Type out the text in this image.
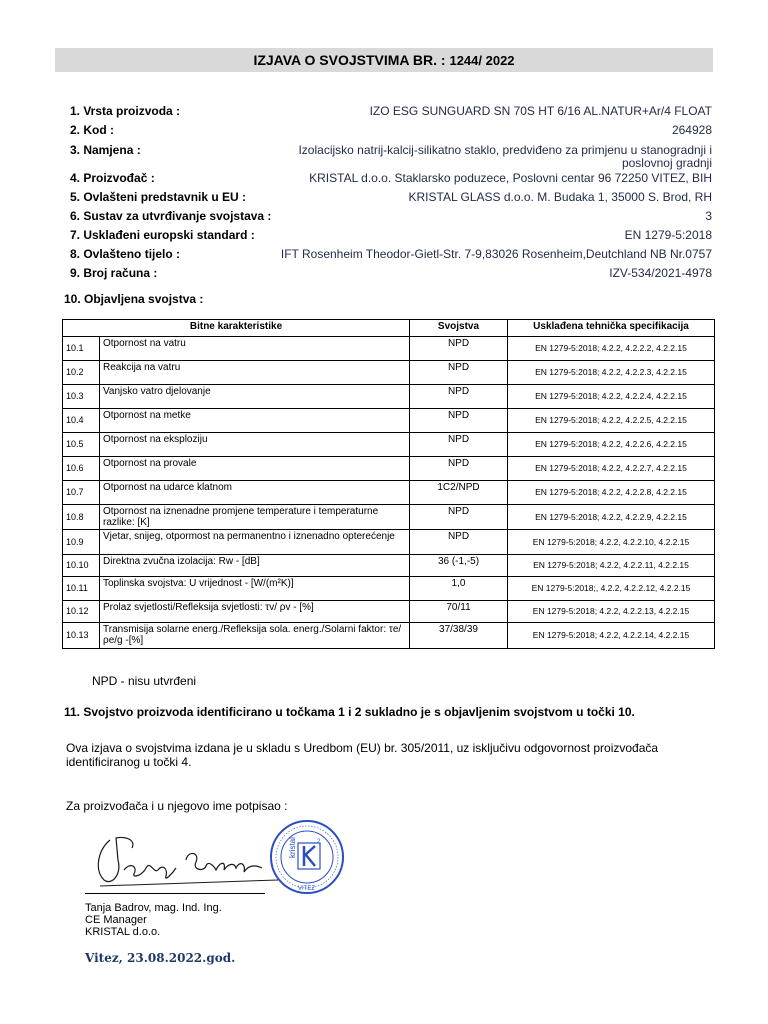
IZJAVA O SVOJSTVIMA BR. : 1244/ 2022
1. Vrsta proizvoda :	IZO ESG SUNGUARD SN 70S HT 6/16 AL.NATUR+Ar/4 FLOAT
2. Kod :	264928
3. Namjena :	Izolacijsko natrij-kalcij-silikatno staklo, predviđeno za primjenu u stanogradnji i
poslovnoj gradnji
4. Proizvođač :	KRISTAL d.o.o. Staklarsko poduzece, Poslovni centar 96 72250 VITEZ, BIH
5. Ovlašteni predstavnik u EU :	KRISTAL GLASS d.o.o. M. Budaka 1, 35000 S. Brod, RH
6. Sustav za utvrđivanje svojstava :	3
7. Usklađeni europski standard :	EN 1279-5:2018
8. Ovlašteno tijelo :	IFT Rosenheim Theodor-Gietl-Str. 7-9,83026 Rosenheim,Deutchland NB Nr.0757
9. Broj računa :	IZV-534/2021-4978
10. Objavljena svojstva :
Bitne karakteristike		Svojstva	Usklađena tehnička specifikacija
10.1	Otpornost na vatru	NPD	EN 1279-5:2018; 4.2.2, 4.2.2.2, 4.2.2.15
10.2	Reakcija na vatru	NPD	EN 1279-5:2018; 4.2.2, 4.2.2.3, 4.2.2.15
10.3	Vanjsko vatro djelovanje	NPD	EN 1279-5:2018; 4.2.2, 4.2.2.4, 4.2.2.15
10.4	Otpornost na metke	NPD	EN 1279-5:2018; 4.2.2, 4.2.2.5, 4.2.2.15
10.5	Otpornost na eksploziju	NPD	EN 1279-5:2018; 4.2.2, 4.2.2.6, 4.2.2.15
10.6	Otpornost na provale	NPD	EN 1279-5:2018; 4.2.2, 4.2.2.7, 4.2.2.15
10.7	Otpornost na udarce klatnom	1C2/NPD	EN 1279-5:2018; 4.2.2, 4.2.2.8, 4.2.2.15
10.8	Otpornost na iznenadne promjene temperature i temperaturne razlike: [K]	NPD	EN 1279-5:2018; 4.2.2, 4.2.2.9, 4.2.2.15
10.9	Vjetar, snijeg, otpormost na permanentno i iznenadno opterećenje	NPD	EN 1279-5:2018; 4.2.2, 4.2.2.10, 4.2.2.15
10.10	Direktna zvučna izolacija: Rw - [dB]	36 (-1,-5)	EN 1279-5:2018; 4.2.2, 4.2.2.11, 4.2.2.15
10.11	Toplinska svojstva: U vrijednost - [W/(m²K)]	1,0	EN 1279-5:2018;, 4.2.2, 4.2.2.12, 4.2.2.15
10.12	Prolaz svjetlosti/Refleksija svjetlosti: τv/ ρv - [%]	70/11	EN 1279-5:2018; 4.2.2, 4.2.2.13, 4.2.2.15
10.13	Transmisija solarne energ./Refleksija sola. energ./Solarni faktor: τe/ρe/g -[%]	37/38/39	EN 1279-5:2018; 4.2.2, 4.2.2.14, 4.2.2.15
NPD - nisu utvrđeni
11. Svojstvo proizvoda identificirano u točkama 1 i 2 sukladno je s objavljenim svojstvom u točki 10.
Ova izjava o svojstvima izdana je u skladu s Uredbom (EU) br. 305/2011, uz isključivu odgovornost proizvođača identificiranog u točki 4.
Za proizvođača i u njegovo ime potpisao :
kristal	2
VITEZ
Tanja Badrov, mag. Ind. Ing.
CE Manager
KRISTAL d.o.o.
Vitez, 23.08.2022.god.
